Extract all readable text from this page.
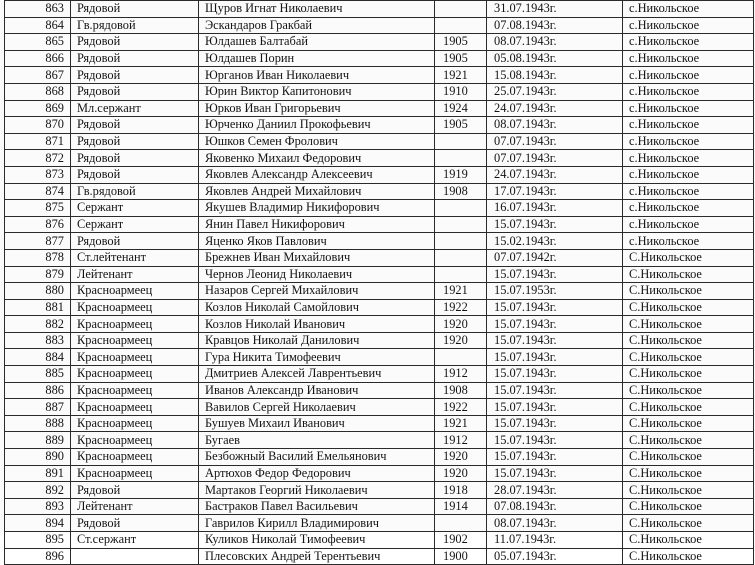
863	Рядовой	Щуров Игнат Николаевич		31.07.1943г.	с.Никольское
864	Гв.рядовой	Эскандаров Гракбай		07.08.1943г.	с.Никольское
865	Рядовой	Юлдашев Балтабай	1905	08.07.1943г.	с.Никольское
866	Рядовой	Юлдашев Порин	1905	05.08.1943г.	с.Никольское
867	Рядовой	Юрганов Иван Николаевич	1921	15.08.1943г.	с.Никольское
868	Рядовой	Юрин Виктор Капитонович	1910	25.07.1943г.	с.Никольское
869	Мл.сержант	Юрков Иван Григорьевич	1924	24.07.1943г.	с.Никольское
870	Рядовой	Юрченко Даниил Прокофьевич	1905	08.07.1943г.	с.Никольское
871	Рядовой	Юшков Семен Фролович		07.07.1943г.	с.Никольское
872	Рядовой	Яковенко Михаил Федорович		07.07.1943г.	с.Никольское
873	Рядовой	Яковлев Александр Алексеевич	1919	24.07.1943г.	с.Никольское
874	Гв.рядовой	Яковлев Андрей Михайлович	1908	17.07.1943г.	с.Никольское
875	Сержант	Якушев Владимир Никифорович		16.07.1943г.	с.Никольское
876	Сержант	Янин Павел Никифорович		15.07.1943г.	с.Никольское
877	Рядовой	Яценко Яков Павлович		15.02.1943г.	с.Никольское
878	Ст.лейтенант	Брежнев Иван Михайлович		07.07.1942г.	С.Никольское
879	Лейтенант	Чернов Леонид Николаевич		15.07.1943г.	С.Никольское
880	Красноармеец	Назаров Сергей Михайлович	1921	15.07.1953г.	С.Никольское
881	Красноармеец	Козлов Николай Самойлович	1922	15.07.1943г.	С.Никольское
882	Красноармеец	Козлов Николай Иванович	1920	15.07.1943г.	С.Никольское
883	Красноармеец	Кравцов Николай Данилович	1920	15.07.1943г.	С.Никольское
884	Красноармеец	Гура Никита Тимофеевич		15.07.1943г.	С.Никольское
885	Красноармеец	Дмитриев Алексей Лаврентьевич	1912	15.07.1943г.	С.Никольское
886	Красноармеец	Иванов Александр Иванович	1908	15.07.1943г.	С.Никольское
887	Красноармеец	Вавилов Сергей Николаевич	1922	15.07.1943г.	С.Никольское
888	Красноармеец	Бушуев Михаил Иванович	1921	15.07.1943г.	С.Никольское
889	Красноармеец	Бугаев	1912	15.07.1943г.	С.Никольское
890	Красноармеец	Безбожный Василий Емельянович	1920	15.07.1943г.	С.Никольское
891	Красноармеец	Артюхов Федор Федорович	1920	15.07.1943г.	С.Никольское
892	Рядовой	Мартаков Георгий Николаевич	1918	28.07.1943г.	С.Никольское
893	Лейтенант	Бастраков Павел Васильевич	1914	07.08.1943г.	С.Никольское
894	Рядовой	Гаврилов Кирилл Владимирович		08.07.1943г.	С.Никольское
895	Ст.сержант	Куликов Николай Тимофеевич	1902	11.07.1943г.	С.Никольское
896		Плесовских Андрей Терентьевич	1900	05.07.1943г.	С.Никольское
